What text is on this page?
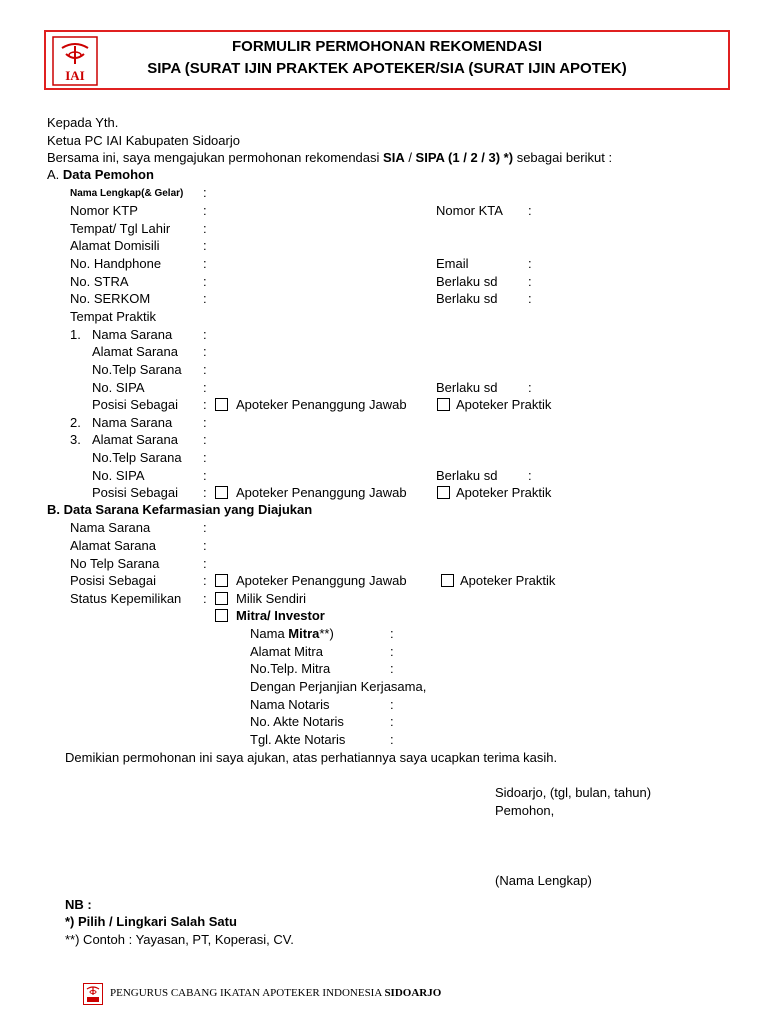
IAI
FORMULIR PERMOHONAN REKOMENDASI
SIPA (SURAT IJIN PRAKTEK APOTEKER/SIA (SURAT IJIN APOTEK)
Kepada Yth.
Ketua PC IAI Kabupaten Sidoarjo
Bersama ini, saya mengajukan permohonan rekomendasi SIA / SIPA (1 / 2 / 3) *) sebagai berikut :
A. Data Pemohon
Nama Lengkap(& Gelar) :
Nomor KTP	:	Nomor KTA :
Tempat/ Tgl Lahir	:
Alamat Domisili	:
No. Handphone	:	Email	:
No. STRA	:	Berlaku sd :
No. SERKOM	:	Berlaku sd :
Tempat Praktik
1. Nama Sarana :
Alamat Sarana :
No.Telp Sarana :
No. SIPA	:	Berlaku sd :
Posisi Sebagai : Apoteker Penanggung Jawab	Apoteker Praktik
2. Nama Sarana :
3. Alamat Sarana :
No.Telp Sarana :
No. SIPA	:	Berlaku sd :
Posisi Sebagai : Apoteker Penanggung Jawab	Apoteker Praktik
B. Data Sarana Kefarmasian yang Diajukan
Nama Sarana	:
Alamat Sarana	:
No Telp Sarana	:
Posisi Sebagai	: Apoteker Penanggung Jawab	Apoteker Praktik
Status Kepemilikan : Milik Sendiri
Mitra/ Investor
Nama Mitra**)	:
Alamat Mitra	:
No.Telp. Mitra	:
Dengan Perjanjian Kerjasama,
Nama Notaris	:
No. Akte Notaris	:
Tgl. Akte Notaris	:
Demikian permohonan ini saya ajukan, atas perhatiannya saya ucapkan terima kasih.
Sidoarjo, (tgl, bulan, tahun)
Pemohon,
(Nama Lengkap)
NB :
*) Pilih / Lingkari Salah Satu
**) Contoh : Yayasan, PT, Koperasi, CV.
PENGURUS CABANG IKATAN APOTEKER INDONESIA SIDOARJO
